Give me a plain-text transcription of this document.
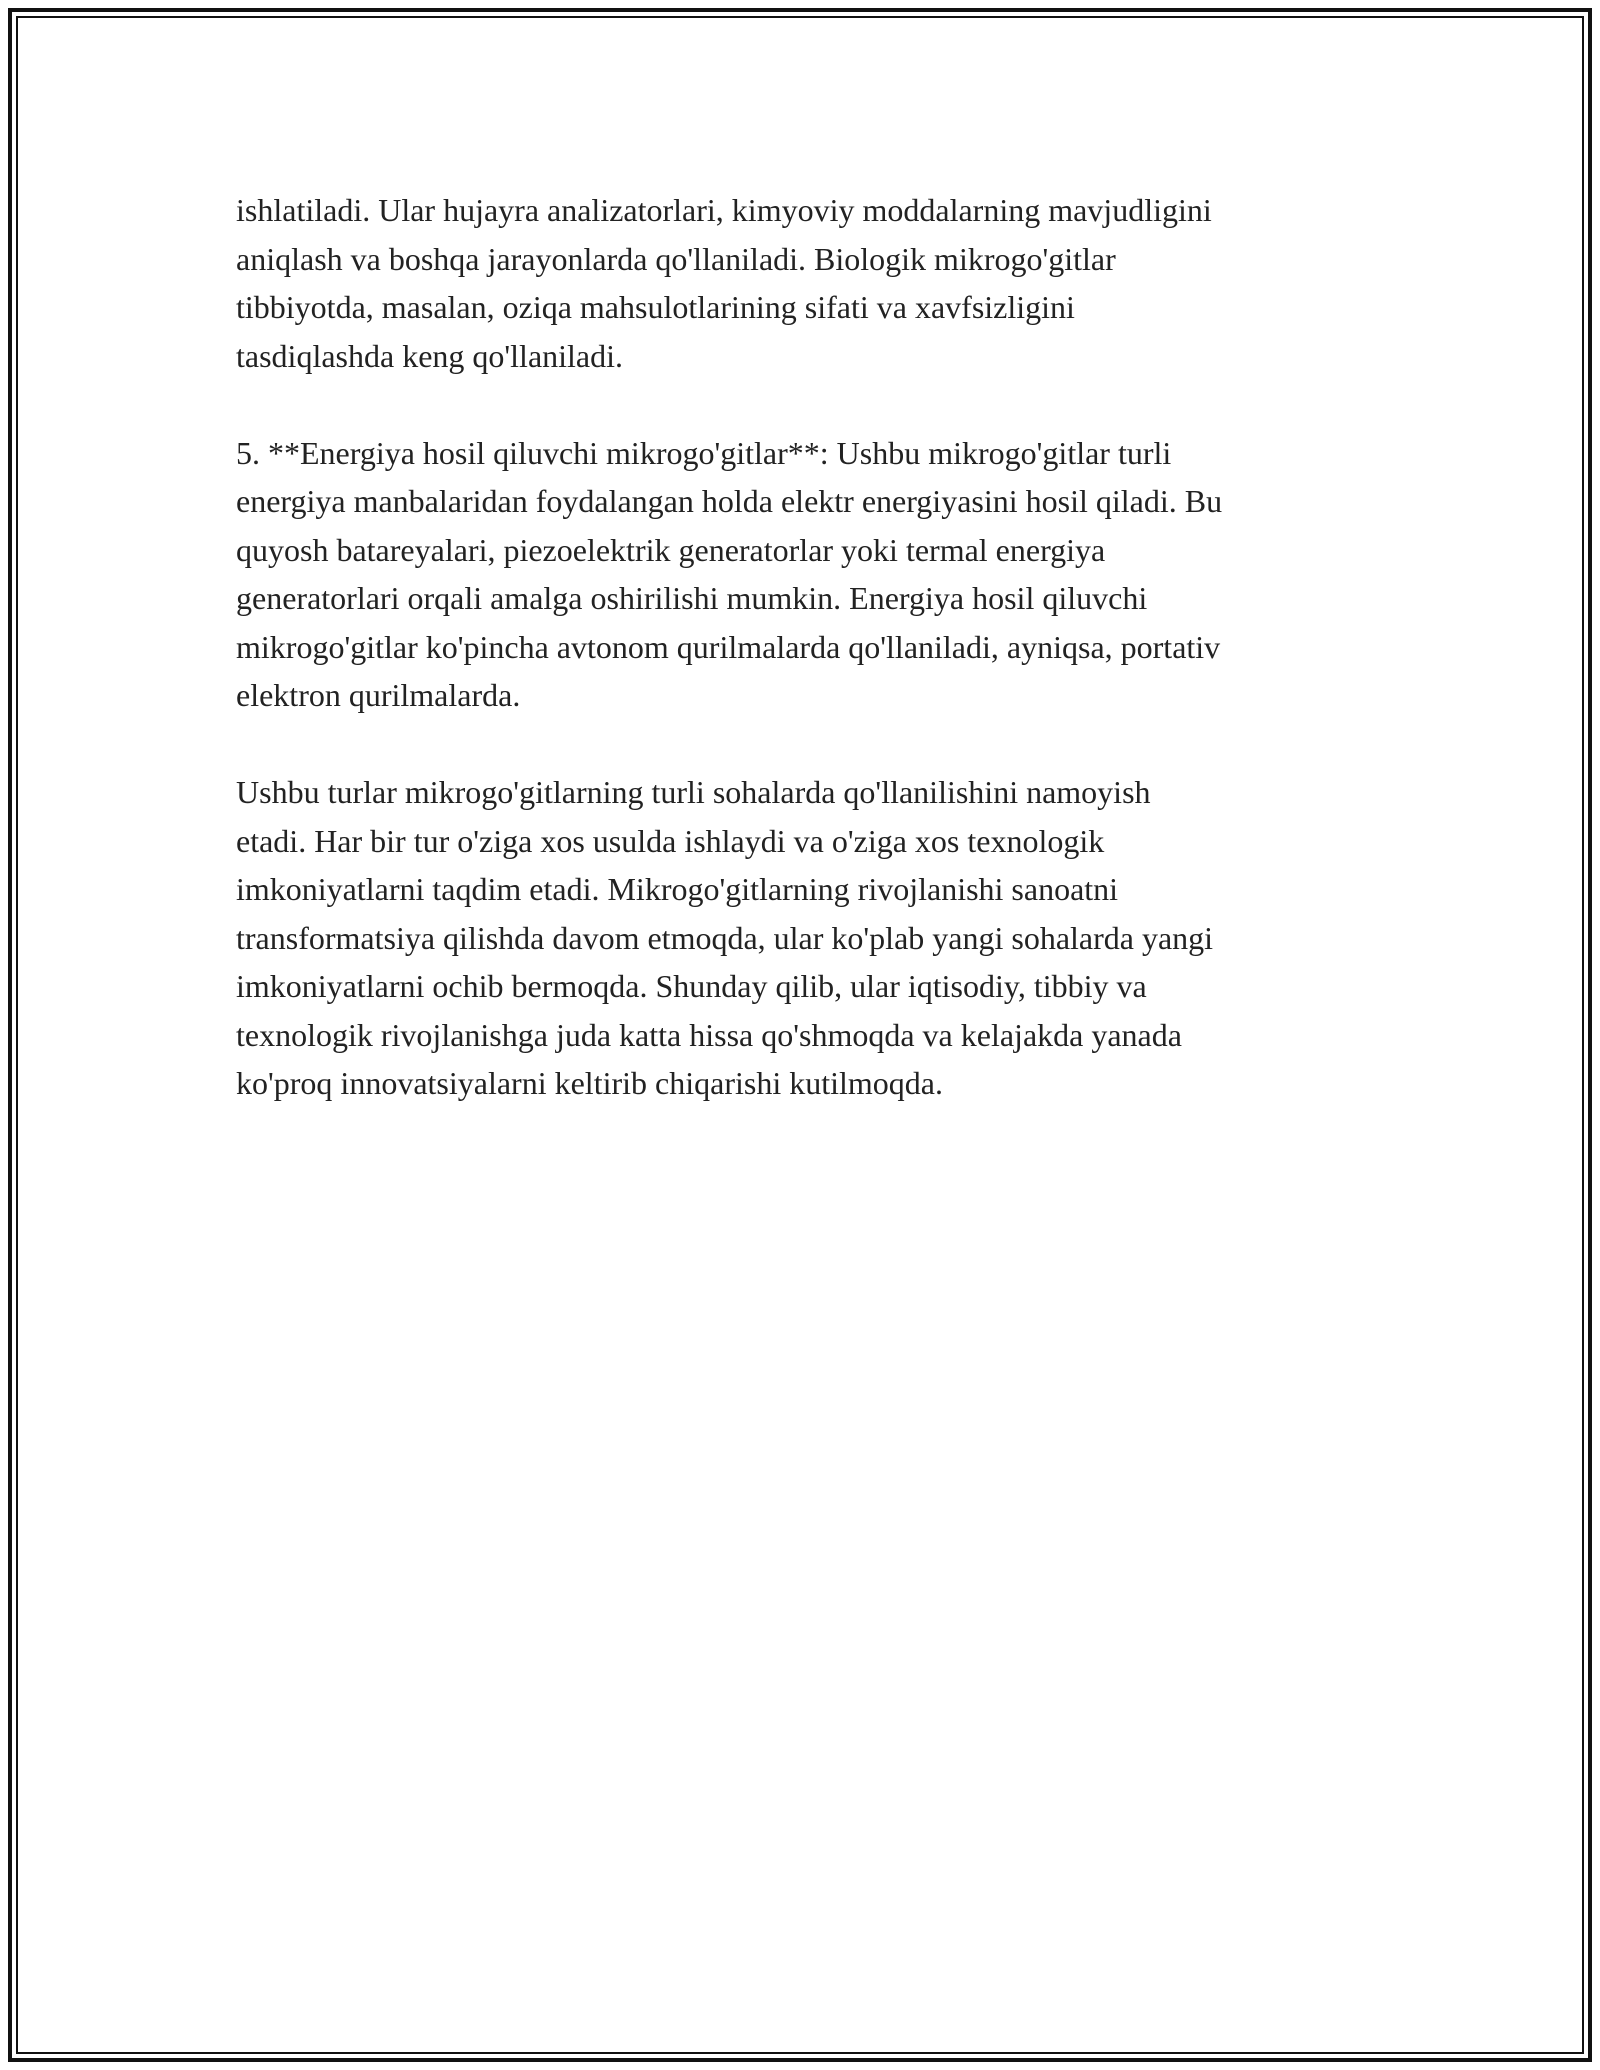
ishlatiladi. Ular hujayra analizatorlari, kimyoviy moddalarning mavjudligini
aniqlash va boshqa jarayonlarda qo'llaniladi. Biologik mikrogo'gitlar
tibbiyotda, masalan, oziqa mahsulotlarining sifati va xavfsizligini
tasdiqlashda keng qo'llaniladi.

5. **Energiya hosil qiluvchi mikrogo'gitlar**: Ushbu mikrogo'gitlar turli
energiya manbalaridan foydalangan holda elektr energiyasini hosil qiladi. Bu
quyosh batareyalari, piezoelektrik generatorlar yoki termal energiya
generatorlari orqali amalga oshirilishi mumkin. Energiya hosil qiluvchi
mikrogo'gitlar ko'pincha avtonom qurilmalarda qo'llaniladi, ayniqsa, portativ
elektron qurilmalarda.

Ushbu turlar mikrogo'gitlarning turli sohalarda qo'llanilishini namoyish
etadi. Har bir tur o'ziga xos usulda ishlaydi va o'ziga xos texnologik
imkoniyatlarni taqdim etadi. Mikrogo'gitlarning rivojlanishi sanoatni
transformatsiya qilishda davom etmoqda, ular ko'plab yangi sohalarda yangi
imkoniyatlarni ochib bermoqda. Shunday qilib, ular iqtisodiy, tibbiy va
texnologik rivojlanishga juda katta hissa qo'shmoqda va kelajakda yanada
ko'proq innovatsiyalarni keltirib chiqarishi kutilmoqda.
